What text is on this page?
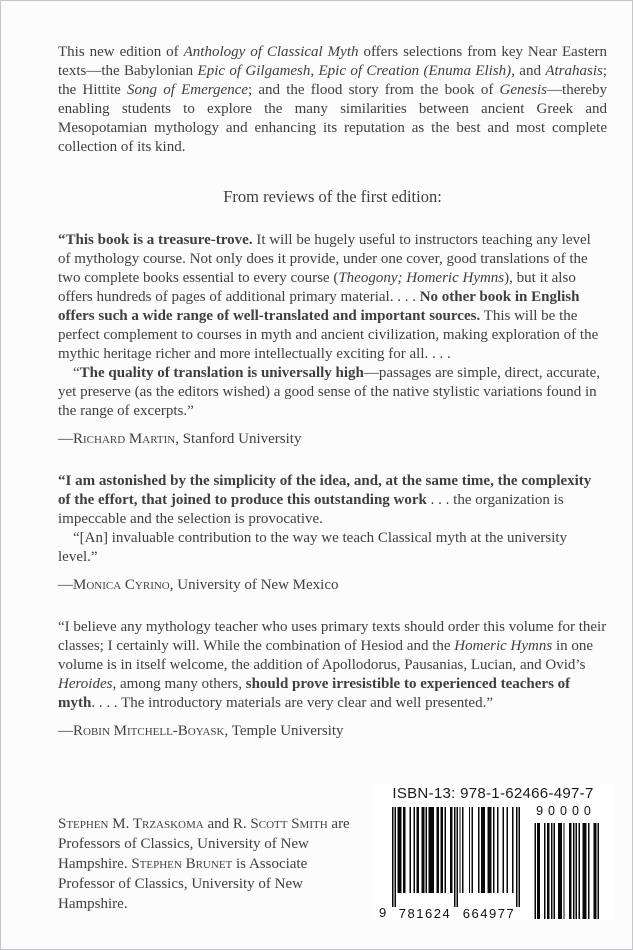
This new edition of Anthology of Classical Myth offers selections from key Near Eastern texts—the Babylonian Epic of Gilgamesh, Epic of Creation (Enuma Elish), and Atrahasis; the Hittite Song of Emergence; and the flood story from the book of Genesis—thereby enabling students to explore the many similarities between ancient Greek and Mesopotamian mythology and enhancing its reputation as the best and most complete collection of its kind.

From reviews of the first edition:

“This book is a treasure-trove. It will be hugely useful to instructors teaching any level of mythology course. Not only does it provide, under one cover, good translations of the two complete books essential to every course (Theogony; Homeric Hymns), but it also offers hundreds of pages of additional primary material. . . . No other book in English offers such a wide range of well-translated and important sources. This will be the perfect complement to courses in myth and ancient civilization, making exploration of the mythic heritage richer and more intellectually exciting for all. . . .

“The quality of translation is universally high—passages are simple, direct, accurate, yet preserve (as the editors wished) a good sense of the native stylistic variations found in the range of excerpts.”

—Richard Martin, Stanford University

“I am astonished by the simplicity of the idea, and, at the same time, the complexity of the effort, that joined to produce this outstanding work . . . the organization is impeccable and the selection is provocative.

“[An] invaluable contribution to the way we teach Classical myth at the university level.”

—Monica Cyrino, University of New Mexico

“I believe any mythology teacher who uses primary texts should order this volume for their classes; I certainly will. While the combination of Hesiod and the Homeric Hymns in one volume is in itself welcome, the addition of Apollodorus, Pausanias, Lucian, and Ovid’s Heroides, among many others, should prove irresistible to experienced teachers of myth. . . . The introductory materials are very clear and well presented.”

—Robin Mitchell-Boyask, Temple University

Stephen M. Trzaskoma and R. Scott Smith are Professors of Classics, University of New Hampshire. Stephen Brunet is Associate Professor of Classics, University of New Hampshire.
ISBN-13: 978-1-62466-497-7
9 781624 664977
90000
